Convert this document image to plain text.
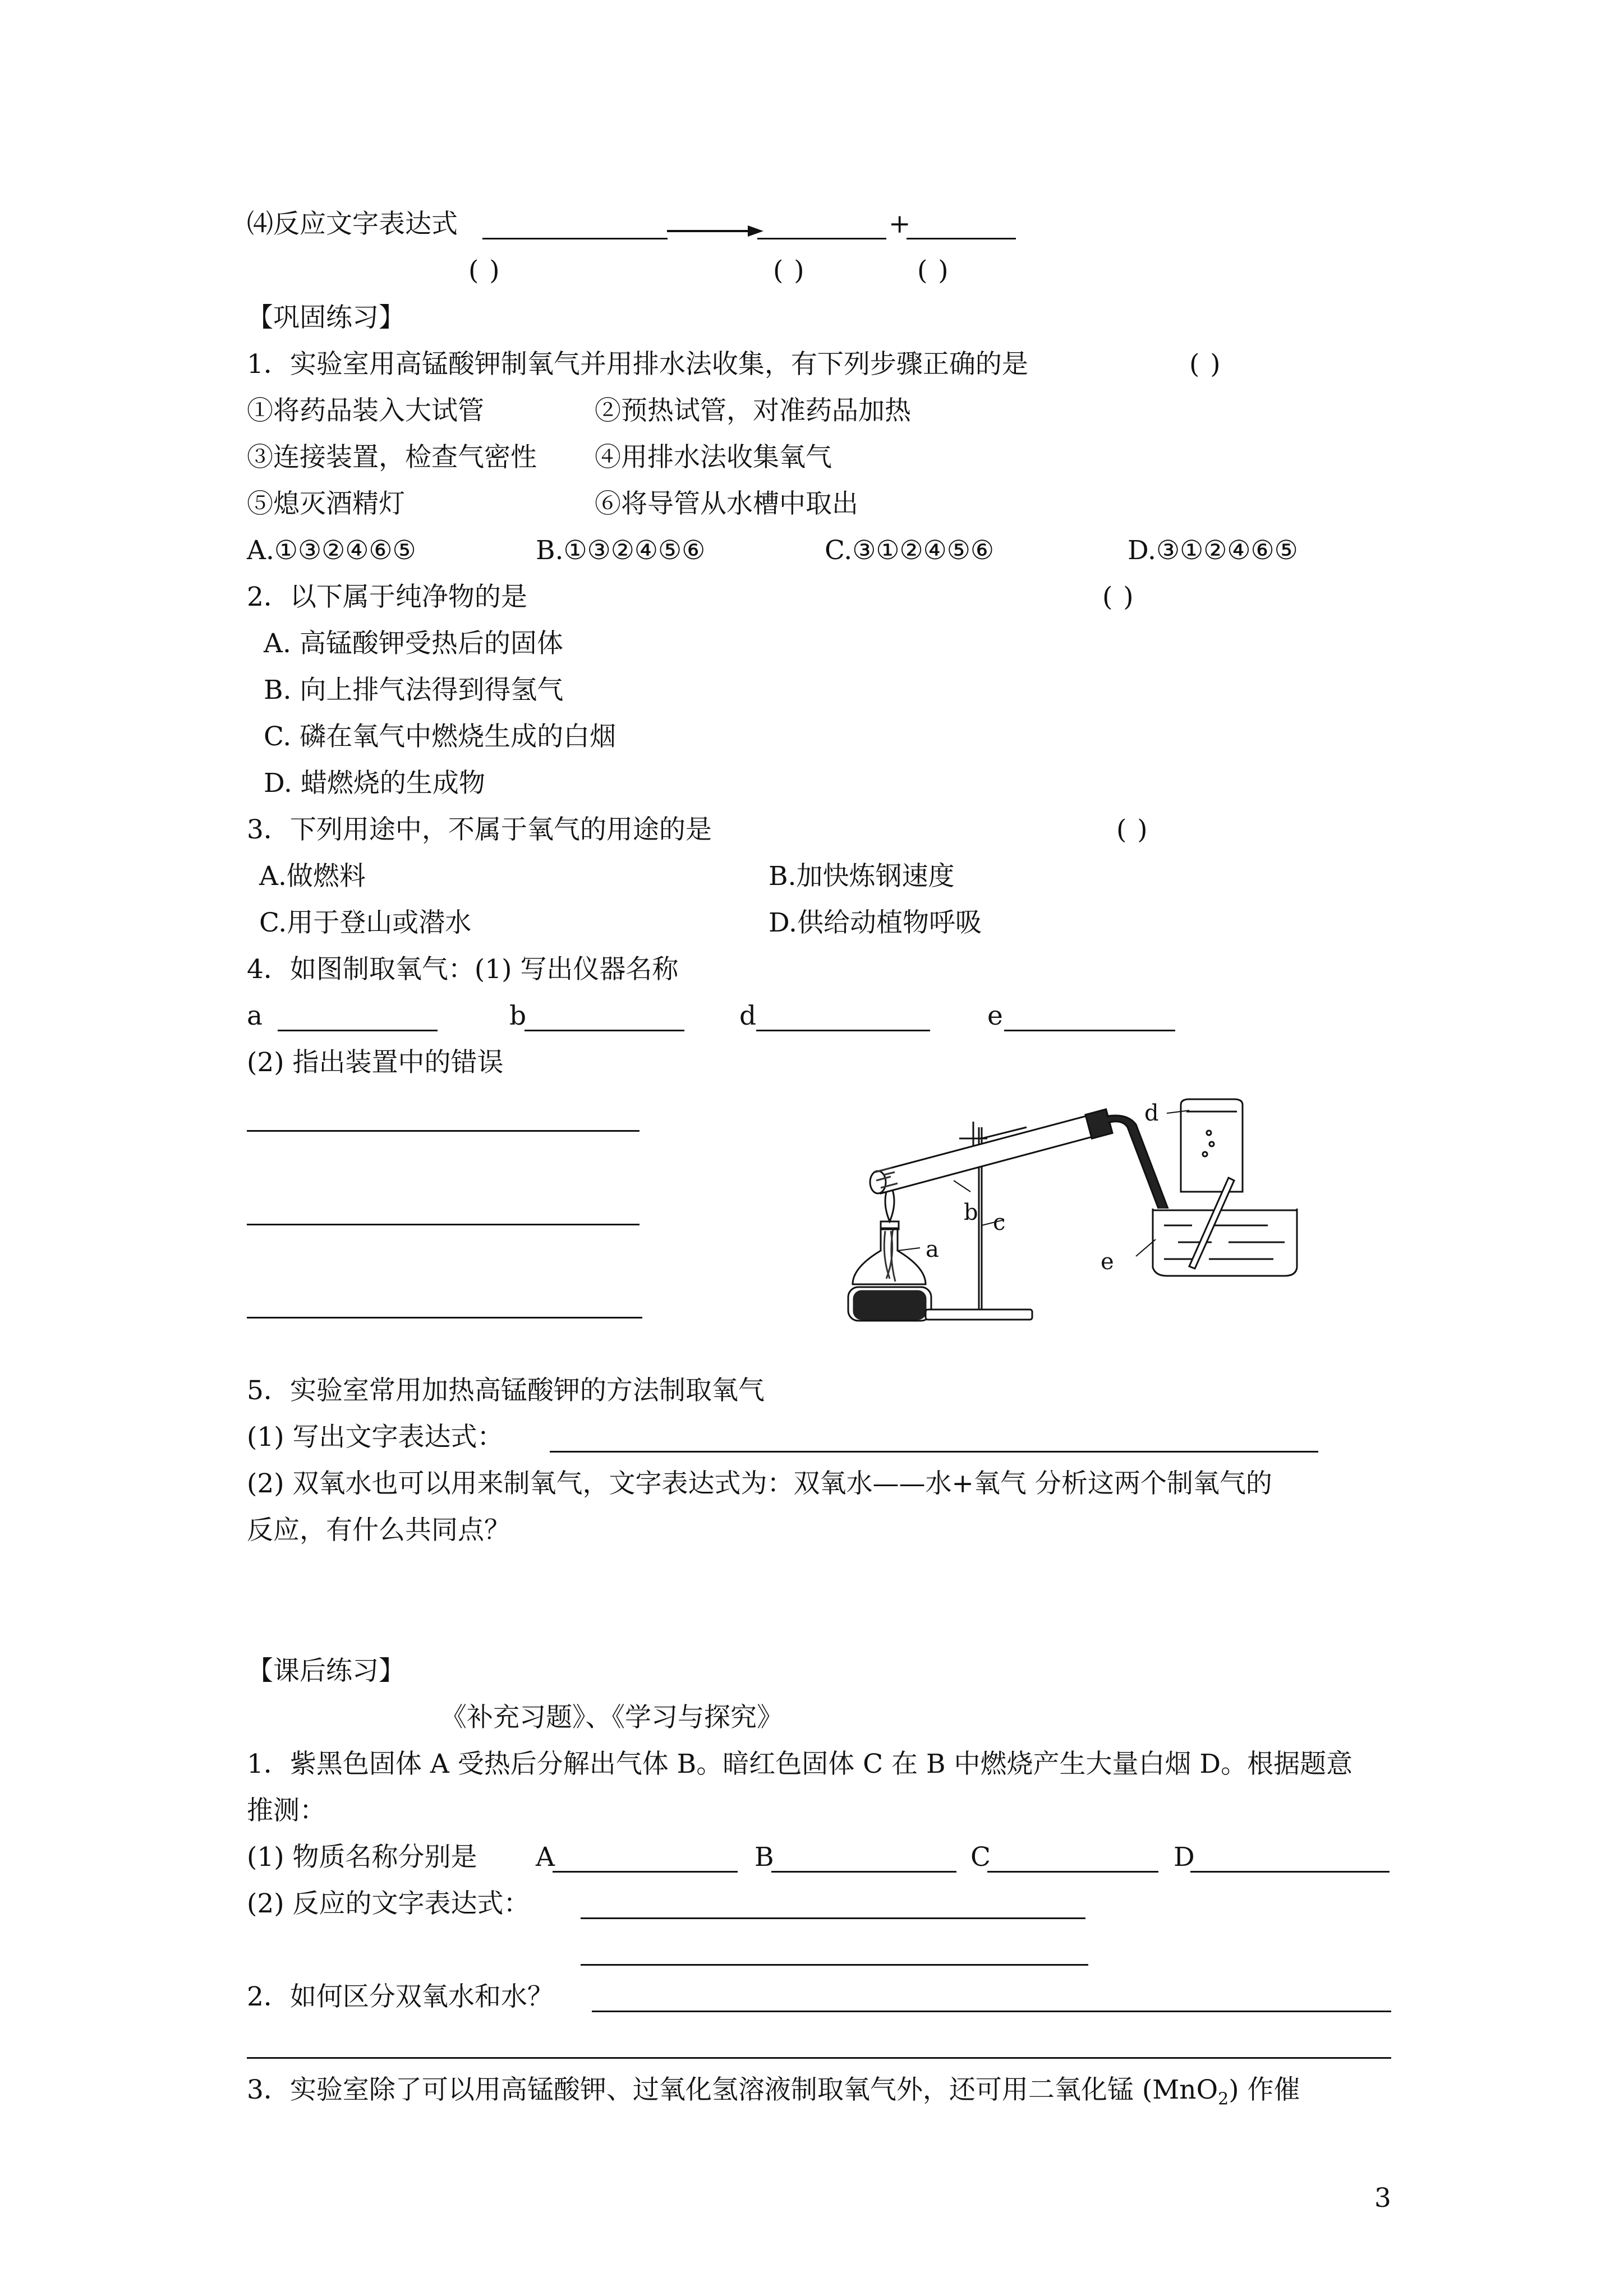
⑷反应文字表达式	+
( )	( )	( )
【巩固练习】
1．实验室用高锰酸钾制氧气并用排水法收集，有下列步骤正确的是	( )
①将药品装入大试管	②预热试管，对准药品加热
③连接装置，检查气密性 ④用排水法收集氧气
⑤熄灭酒精灯	⑥将导管从水槽中取出
A.①③②④⑥⑤	B.①③②④⑤⑥	C.③①②④⑤⑥	D.③①②④⑥⑤
2．以下属于纯净物的是	( )
A. 高锰酸钾受热后的固体
B. 向上排气法得到得氢气
C. 磷在氧气中燃烧生成的白烟
D. 蜡燃烧的生成物
3．下列用途中，不属于氧气的用途的是	( )
A.做燃料	B.加快炼钢速度
C.用于登山或潜水	D.供给动植物呼吸
4．如图制取氧气：(1) 写出仪器名称
a	b	d	e
(2) 指出装置中的错误
a
b c
d
e
5．实验室常用加热高锰酸钾的方法制取氧气
(1) 写出文字表达式：
(2) 双氧水也可以用来制氧气，文字表达式为：双氧水——水+氧气 分析这两个制氧气的
反应，有什么共同点？
【课后练习】
《补充习题》、《学习与探究》
1．紫黑色固体 A 受热后分解出气体 B。暗红色固体 C 在 B 中燃烧产生大量白烟 D。根据题意
推测：
(1) 物质名称分别是 A	B	C	D
(2) 反应的文字表达式：
2．如何区分双氧水和水？
3．实验室除了可以用高锰酸钾、过氧化氢溶液制取氧气外，还可用二氧化锰 (MnO$_2$) 作催
3
